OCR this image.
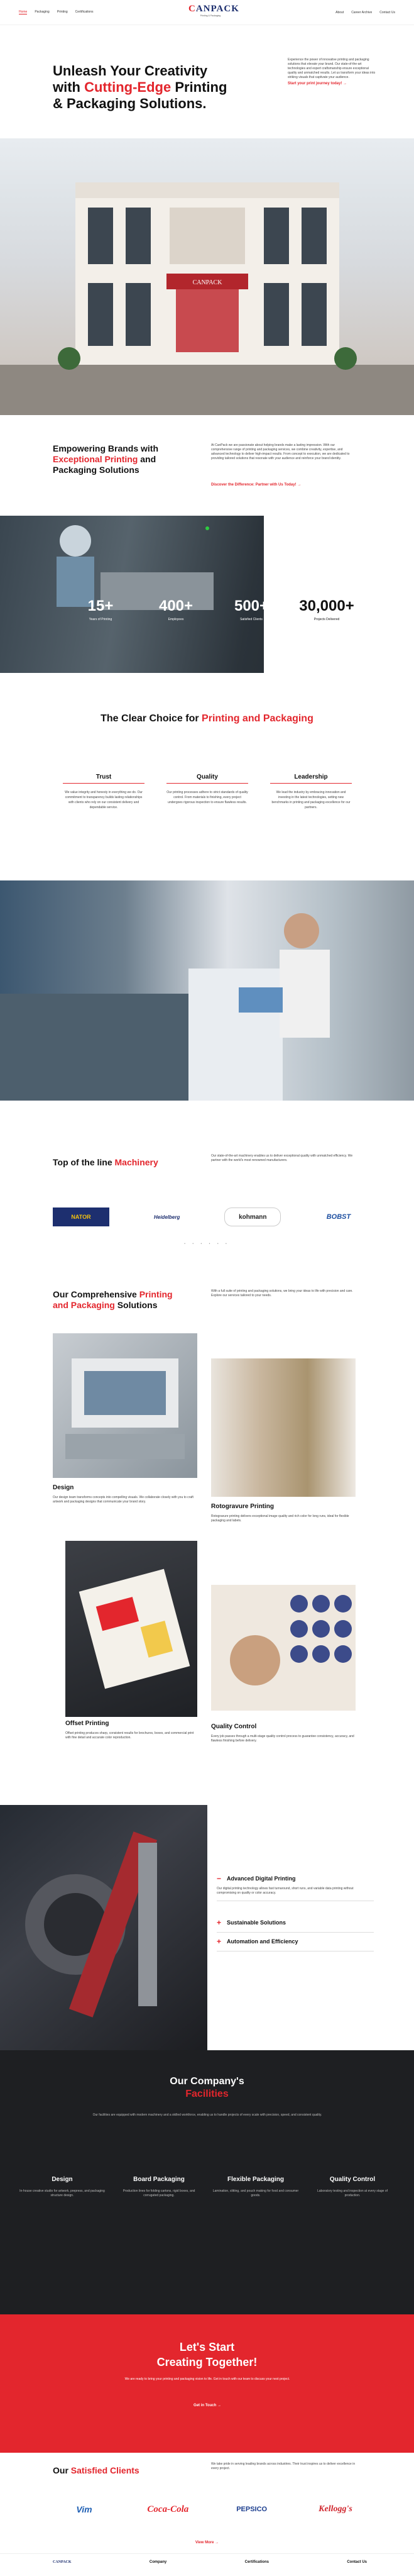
Home Packaging Printing Certifications	CANPACK
Printing & Packaging
About Career Archive Contact Us
Unleash Your Creativity with Cutting-Edge Printing & Packaging Solutions.
Experience the power of innovative printing and packaging solutions that elevate your brand. Our state-of-the-art technologies and expert craftsmanship ensure exceptional quality and unmatched results. Let us transform your ideas into striking visuals that captivate your audience.
Start your print journey today! →
CANPACK
Empowering Brands with Exceptional Printing and Packaging Solutions
At CanPack we are passionate about helping brands make a lasting impression. With our comprehensive range of printing and packaging services, we combine creativity, expertise, and advanced technology to deliver high-impact results. From concept to execution, we are dedicated to providing tailored solutions that resonate with your audience and reinforce your brand identity.
Discover the Difference: Partner with Us Today! →
15+
Years of Printing
400+
Employees
500+
Satisfied Clients
30,000+
Projects Delivered
The Clear Choice for Printing and Packaging
Trust
We value integrity and honesty in everything we do. Our commitment to transparency builds lasting relationships with clients who rely on our consistent delivery and dependable service.
Quality
Our printing processes adhere to strict standards of quality control. From materials to finishing, every project undergoes rigorous inspection to ensure flawless results.
Leadership
We lead the industry by embracing innovation and investing in the latest technologies, setting new benchmarks in printing and packaging excellence for our partners.
Top of the line Machinery
Our state-of-the-art machinery enables us to deliver exceptional quality with unmatched efficiency. We partner with the world's most renowned manufacturers.
NATOR	Heidelberg	kohmann	BOBST
• • • • • •
Our Comprehensive Printing and Packaging Solutions
With a full suite of printing and packaging solutions, we bring your ideas to life with precision and care. Explore our services tailored to your needs.
Design
Our design team transforms concepts into compelling visuals. We collaborate closely with you to craft artwork and packaging designs that communicate your brand story.
Rotogravure Printing
Rotogravure printing delivers exceptional image quality and rich color for long runs, ideal for flexible packaging and labels.
Offset Printing
Offset printing produces sharp, consistent results for brochures, boxes, and commercial print with fine detail and accurate color reproduction.
Quality Control
Every job passes through a multi-stage quality control process to guarantee consistency, accuracy, and flawless finishing before delivery.
− Advanced Digital Printing
Our digital printing technology allows fast turnaround, short runs, and variable data printing without compromising on quality or color accuracy.
+ Sustainable Solutions
+ Automation and Efficiency
Our Company's
Facilities
Our facilities are equipped with modern machinery and a skilled workforce, enabling us to handle projects of every scale with precision, speed, and consistent quality.
Design
In-house creative studio for artwork, prepress, and packaging structure design.
Board Packaging
Production lines for folding cartons, rigid boxes, and corrugated packaging.
Flexible Packaging
Lamination, slitting, and pouch making for food and consumer goods.
Quality Control
Laboratory testing and inspection at every stage of production.
Let's Start
Creating Together!
We are ready to bring your printing and packaging vision to life. Get in touch with our team to discuss your next project.
Get in Touch →
Our Satisfied Clients
We take pride in serving leading brands across industries. Their trust inspires us to deliver excellence in every project.
Vim	Coca-Cola	PEPSICO	Kellogg's
View More →
CANPACK	Company	Certifications	Contact Us
